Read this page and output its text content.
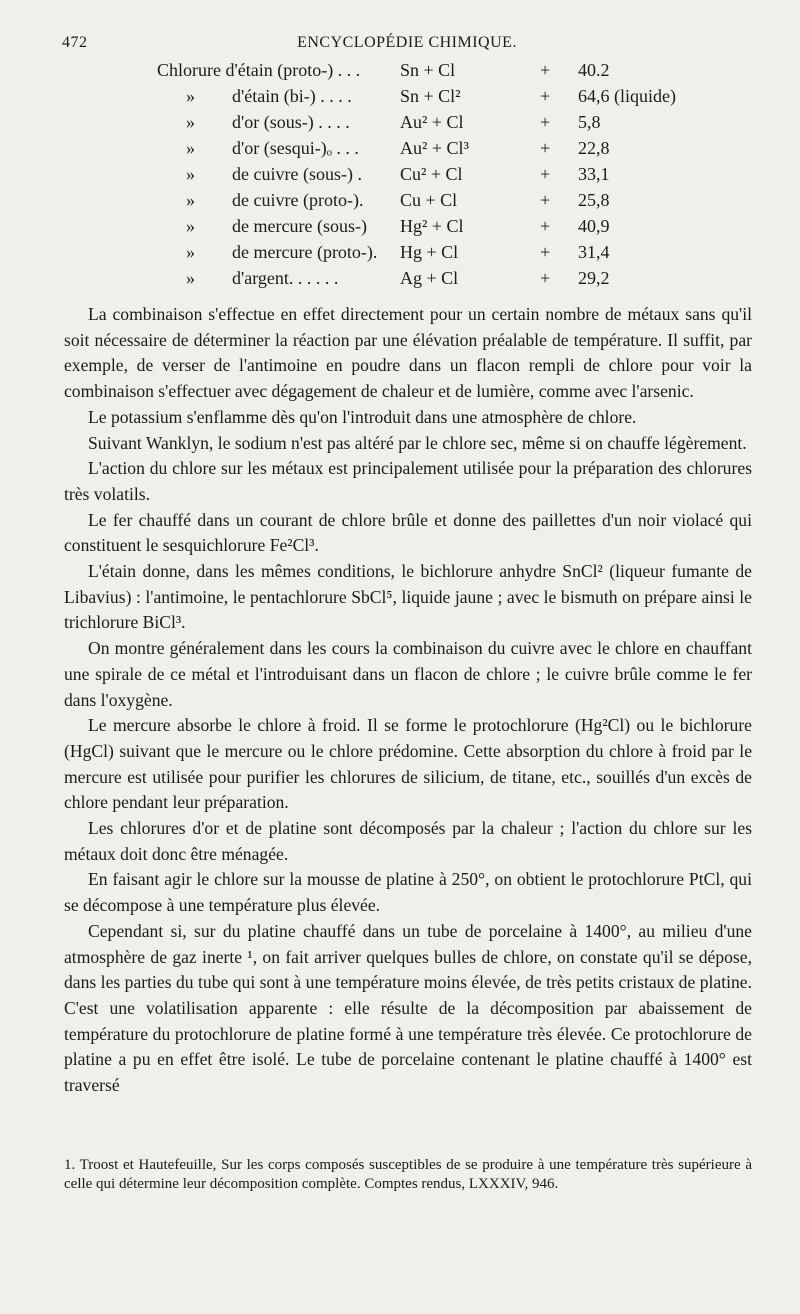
472	ENCYCLOPÉDIE CHIMIQUE.
Chlorure d'étain (proto-) . . . Sn + Cl	+ 40.2
» d'étain (bi-) . . . .	Sn + Cl²	+ 64,6 (liquide)
» d'or (sous-) . . . .	Au² + Cl	+ 5,8
» d'or (sesqui-)ₒ . . . Au² + Cl³	+ 22,8
» de cuivre (sous-) . Cu² + Cl	+ 33,1
» de cuivre (proto-). Cu + Cl	+ 25,8
» de mercure (sous-) Hg² + Cl	+ 40,9
» de mercure (proto-). Hg + Cl	+ 31,4
» d'argent. . . . . .	Ag + Cl	+ 29,2

La combinaison s'effectue en effet directement pour un certain nombre de métaux sans qu'il soit nécessaire de déterminer la réaction par une élévation préalable de température. Il suffit, par exemple, de verser de l'antimoine en poudre dans un flacon rempli de chlore pour voir la combinaison s'effectuer avec dégagement de chaleur et de lumière, comme avec l'arsenic.

Le potassium s'enflamme dès qu'on l'introduit dans une atmosphère de chlore.

Suivant Wanklyn, le sodium n'est pas altéré par le chlore sec, même si on chauffe légèrement.

L'action du chlore sur les métaux est principalement utilisée pour la préparation des chlorures très volatils.

Le fer chauffé dans un courant de chlore brûle et donne des paillettes d'un noir violacé qui constituent le sesquichlorure Fe²Cl³.

L'étain donne, dans les mêmes conditions, le bichlorure anhydre SnCl² (liqueur fumante de Libavius) : l'antimoine, le pentachlorure SbCl⁵, liquide jaune ; avec le bismuth on prépare ainsi le trichlorure BiCl³.

On montre généralement dans les cours la combinaison du cuivre avec le chlore en chauffant une spirale de ce métal et l'introduisant dans un flacon de chlore ; le cuivre brûle comme le fer dans l'oxygène.

Le mercure absorbe le chlore à froid. Il se forme le protochlorure (Hg²Cl) ou le bichlorure (HgCl) suivant que le mercure ou le chlore prédomine. Cette absorption du chlore à froid par le mercure est utilisée pour purifier les chlorures de silicium, de titane, etc., souillés d'un excès de chlore pendant leur préparation.

Les chlorures d'or et de platine sont décomposés par la chaleur ; l'action du chlore sur les métaux doit donc être ménagée.

En faisant agir le chlore sur la mousse de platine à 250°, on obtient le protochlorure PtCl, qui se décompose à une température plus élevée.

Cependant si, sur du platine chauffé dans un tube de porcelaine à 1400°, au milieu d'une atmosphère de gaz inerte ¹, on fait arriver quelques bulles de chlore, on constate qu'il se dépose, dans les parties du tube qui sont à une température moins élevée, de très petits cristaux de platine. C'est une volatilisation apparente : elle résulte de la décomposition par abaissement de température du protochlorure de platine formé à une température très élevée. Ce protochlorure de platine a pu en effet être isolé. Le tube de porcelaine contenant le platine chauffé à 1400° est traversé

1. Troost et Hautefeuille, Sur les corps composés susceptibles de se produire à une température très supérieure à celle qui détermine leur décomposition complète. Comptes rendus, LXXXIV, 946.
